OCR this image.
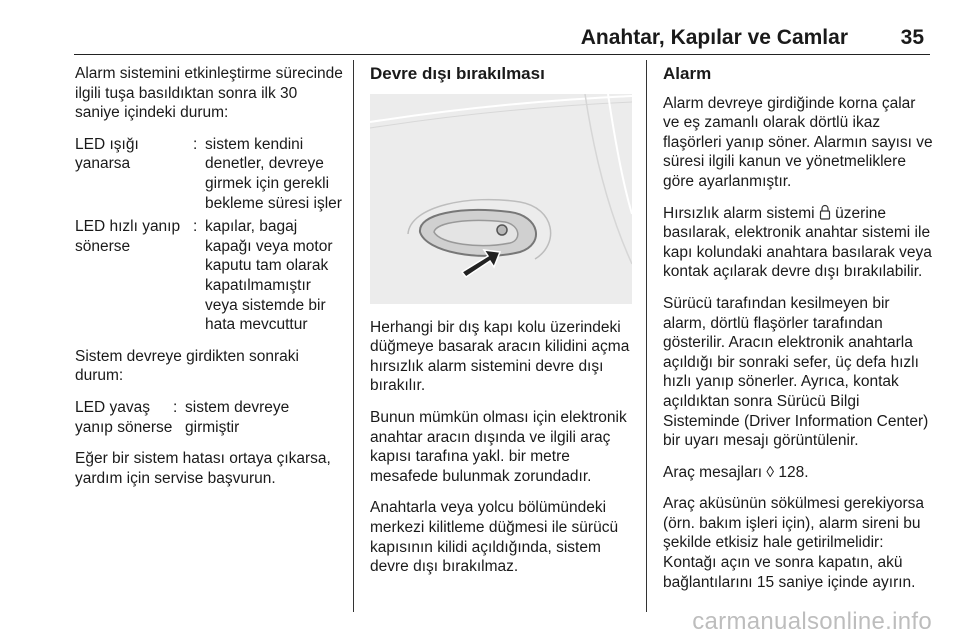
Anahtar, Kapılar ve Camlar	35

Alarm sistemini etkinleştirme sürecinde ilgili tuşa basıldıktan sonra ilk 30 saniye içindeki durum:

LED ışığı yanarsa
: sistem kendini denetler, devreye girmek için gerekli bekleme süresi işler
LED hızlı yanıp sönerse
: kapılar, bagaj kapağı veya motor kaputu tam olarak kapatılmamıştır veya sistemde bir hata mevcuttur

Sistem devreye girdikten sonraki durum:

LED yavaş yanıp sönerse
: sistem devreye girmiştir

Eğer bir sistem hatası ortaya çıkarsa, yardım için servise başvurun.

Devre dışı bırakılması

Herhangi bir dış kapı kolu üzerindeki düğmeye basarak aracın kilidini açma hırsızlık alarm sistemini devre dışı bırakılır.

Bunun mümkün olması için elektronik anahtar aracın dışında ve ilgili araç kapısı tarafına yakl. bir metre mesafede bulunmak zorundadır.

Anahtarla veya yolcu bölümündeki merkezi kilitleme düğmesi ile sürücü kapısının kilidi açıldığında, sistem devre dışı bırakılmaz.

Alarm

Alarm devreye girdiğinde korna çalar ve eş zamanlı olarak dörtlü ikaz flaşörleri yanıp söner. Alarmın sayısı ve süresi ilgili kanun ve yönetmeliklere göre ayarlanmıştır.

Hırsızlık alarm sistemi  üzerine basılarak, elektronik anahtar sistemi ile kapı kolundaki anahtara basılarak veya kontak açılarak devre dışı bırakılabilir.

Sürücü tarafından kesilmeyen bir alarm, dörtlü flaşörler tarafından gösterilir. Aracın elektronik anahtarla açıldığı bir sonraki sefer, üç defa hızlı hızlı yanıp sönerler. Ayrıca, kontak açıldıktan sonra Sürücü Bilgi Sisteminde (Driver Information Center) bir uyarı mesajı görüntülenir.

Araç mesajları ◊ 128.

Araç aküsünün sökülmesi gerekiyorsa (örn. bakım işleri için), alarm sireni bu şekilde etkisiz hale getirilmelidir: Kontağı açın ve sonra kapatın, akü bağlantılarını 15 saniye içinde ayırın.

carmanualsonline.info
